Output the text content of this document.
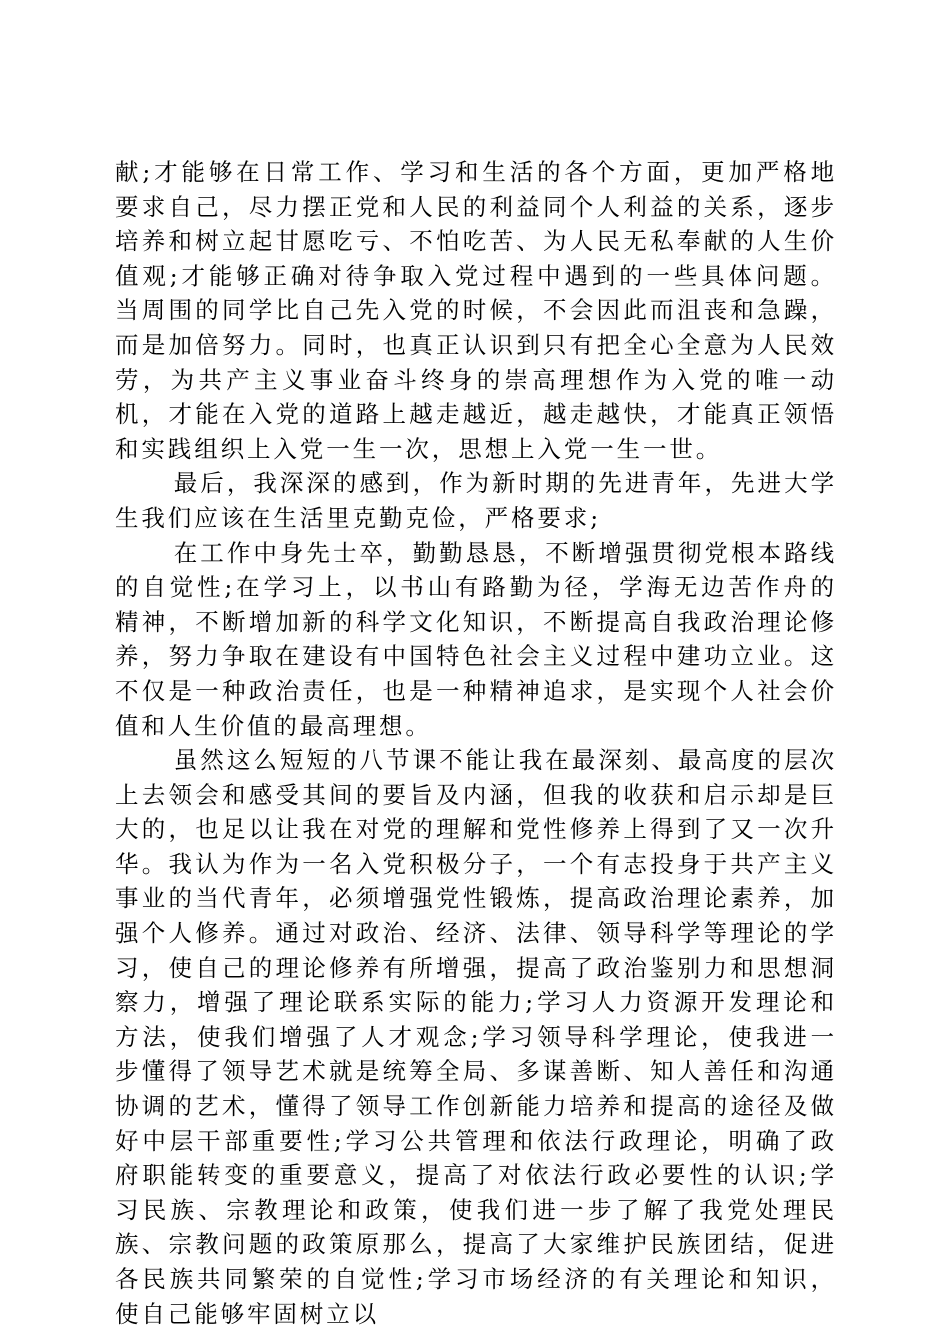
献;才能够在日常工作、学习和生活的各个方面，更加严格地要求自己，尽力摆正党和人民的利益同个人利益的关系，逐步培养和树立起甘愿吃亏、不怕吃苦、为人民无私奉献的人生价值观;才能够正确对待争取入党过程中遇到的一些具体问题。当周围的同学比自己先入党的时候，不会因此而沮丧和急躁，而是加倍努力。同时，也真正认识到只有把全心全意为人民效劳，为共产主义事业奋斗终身的崇高理想作为入党的唯一动机，才能在入党的道路上越走越近，越走越快，才能真正领悟和实践组织上入党一生一次，思想上入党一生一世。

最后，我深深的感到，作为新时期的先进青年，先进大学生我们应该在生活里克勤克俭，严格要求;

在工作中身先士卒，勤勤恳恳，不断增强贯彻党根本路线的自觉性;在学习上，以书山有路勤为径，学海无边苦作舟的精神，不断增加新的科学文化知识，不断提高自我政治理论修养，努力争取在建设有中国特色社会主义过程中建功立业。这不仅是一种政治责任，也是一种精神追求，是实现个人社会价值和人生价值的最高理想。

虽然这么短短的八节课不能让我在最深刻、最高度的层次上去领会和感受其间的要旨及内涵，但我的收获和启示却是巨大的，也足以让我在对党的理解和党性修养上得到了又一次升华。我认为作为一名入党积极分子，一个有志投身于共产主义事业的当代青年，必须增强党性锻炼，提高政治理论素养，加强个人修养。通过对政治、经济、法律、领导科学等理论的学习，使自己的理论修养有所增强，提高了政治鉴别力和思想洞察力，增强了理论联系实际的能力;学习人力资源开发理论和方法，使我们增强了人才观念;学习领导科学理论，使我进一步懂得了领导艺术就是统筹全局、多谋善断、知人善任和沟通协调的艺术，懂得了领导工作创新能力培养和提高的途径及做好中层干部重要性;学习公共管理和依法行政理论，明确了政府职能转变的重要意义，提高了对依法行政必要性的认识;学习民族、宗教理论和政策，使我们进一步了解了我党处理民族、宗教问题的政策原那么，提高了大家维护民族团结，促进各民族共同繁荣的自觉性;学习市场经济的有关理论和知识，使自己能够牢固树立以
